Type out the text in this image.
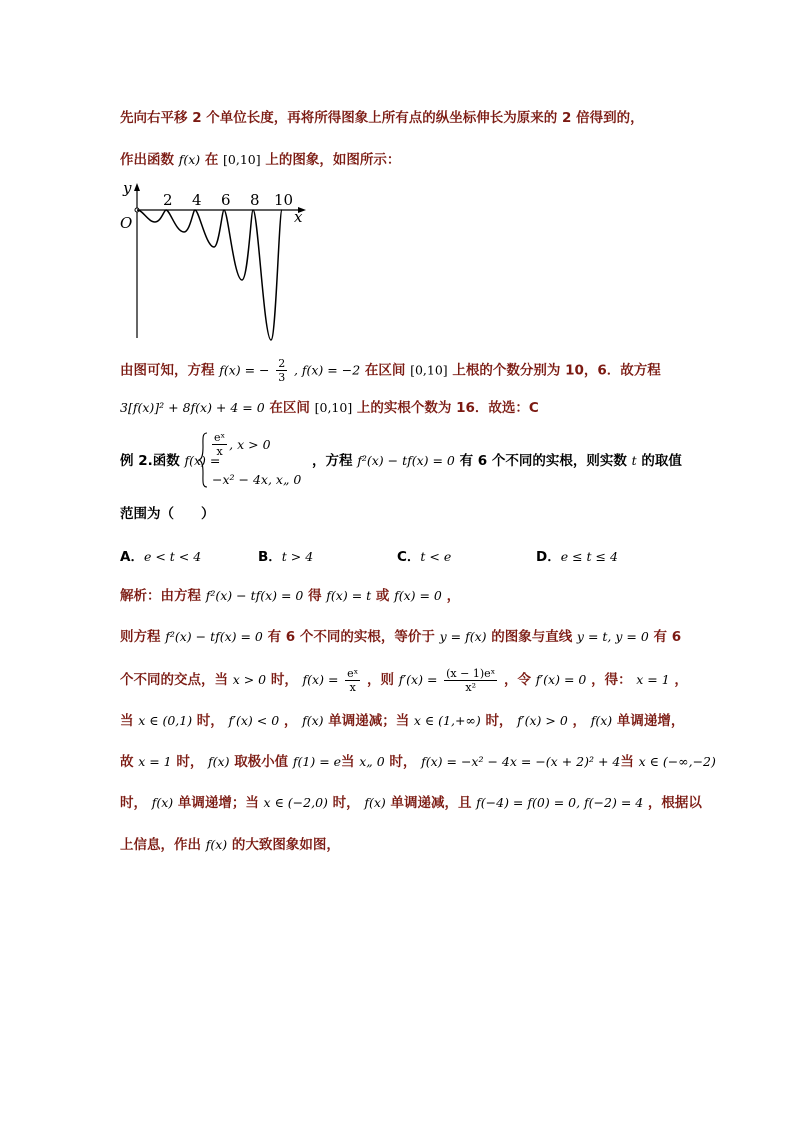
先向右平移 2 个单位长度，再将所得图象上所有点的纵坐标伸长为原来的 2 倍得到的，
作出函数 f(x) 在 [0,10] 上的图象，如图所示：
y
x
O
2 4 6 8 10
由图可知，方程 f(x) = − $\frac{2}{3}$ , f(x) = −2 在区间 [0,10] 上根的个数分别为 10，6．故方程
3[f(x)]² + 8f(x) + 4 = 0 在区间 [0,10] 上的实根个数为 16．故选：C
例 2.函数 f(x) =
$\frac{\text{eˣ}}{x}$ , x > 0
−x² − 4x, x„ 0
，方程 f²(x) − tf(x) = 0 有 6 个不同的实根，则实数 t 的取值
范围为（　　）
A．e < t < 4	B．t > 4	C．t < e	D．e ≤ t ≤ 4
解析：由方程 f²(x) − tf(x) = 0 得 f(x) = t 或 f(x) = 0 ，
则方程 f²(x) − tf(x) = 0 有 6 个不同的实根，等价于 y = f(x) 的图象与直线 y = t, y = 0 有 6
个不同的交点，当 x > 0 时， $f(x) = \frac{\text{eˣ}}{x}$ ，则 $f'(x) = \frac{\text{(x − 1)eˣ}}{\text{x²}}$ ，令 f′(x) = 0 ，得： x = 1 ，
当 x ∈ (0,1) 时， f′(x) < 0 ， f(x) 单调递减；当 x ∈ (1,+∞) 时， f′(x) > 0 ， f(x) 单调递增，
故 x = 1 时， f(x) 取极小值 f(1) = e当 x„ 0 时， f(x) = −x² − 4x = −(x + 2)² + 4当 x ∈ (−∞,−2)
时， f(x) 单调递增；当 x ∈ (−2,0) 时， f(x) 单调递减，且 f(−4) = f(0) = 0, f(−2) = 4 ，根据以
上信息，作出 f(x) 的大致图象如图，
